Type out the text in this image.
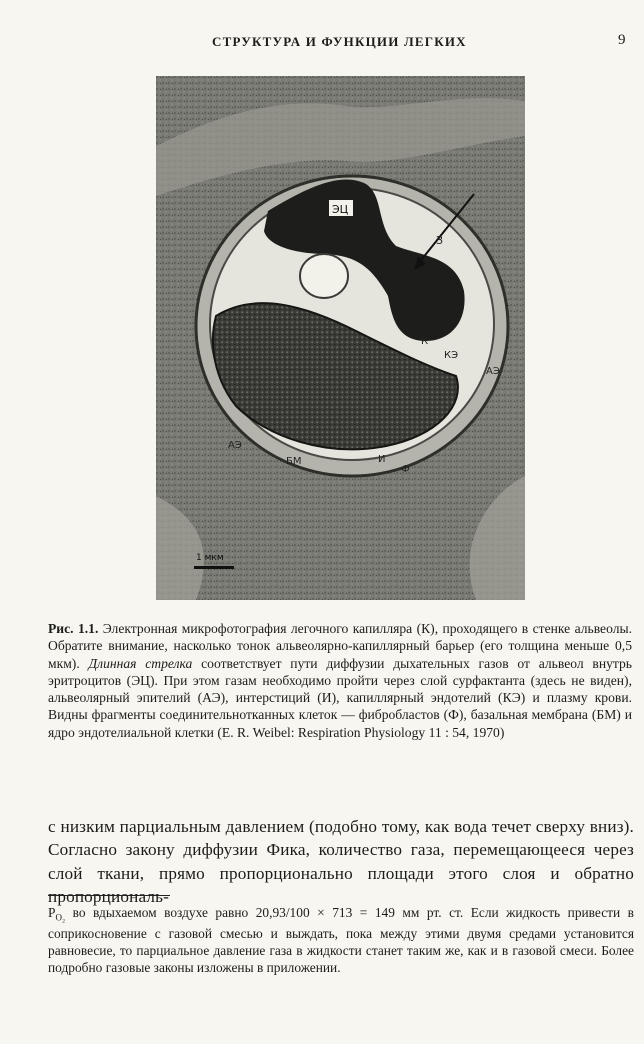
СТРУКТУРА И ФУНКЦИИ ЛЕГКИХ	9
ЭЦ
З
К
КЭ
АЭ
АЭ
БМ
Ф
И
1 мкм
Рис. 1.1. Электронная микрофотография легочного капилляра (К), проходящего в стенке альвеолы. Обратите внимание, насколько тонок альвеолярно-капиллярный барьер (его толщина меньше 0,5 мкм). Длинная стрелка соответствует пути диффузии дыхательных газов от альвеол внутрь эритроцитов (ЭЦ). При этом газам необходимо пройти через слой сурфактанта (здесь не виден), альвеолярный эпителий (АЭ), интерстиций (И), капиллярный эндотелий (КЭ) и плазму крови. Видны фрагменты соединительнотканных клеток — фибробластов (Ф), базальная мембрана (БМ) и ядро эндотелиальной клетки (E. R. Weibel: Respiration Physiology 11 : 54, 1970)
с низким парциальным давлением (подобно тому, как вода течет сверху вниз). Согласно закону диффузии Фика, количество газа, перемещающееся через слой ткани, прямо пропорционально площади этого слоя и обратно пропорциональ-
$P_{O_2}$ во вдыхаемом воздухе равно 20,93/100 × 713 = 149 мм рт. ст. Если жидкость привести в соприкосновение с газовой смесью и выждать, пока между этими двумя средами установится равновесие, то парциальное давление газа в жидкости станет таким же, как и в газовой смеси. Более подробно газовые законы изложены в приложении.
